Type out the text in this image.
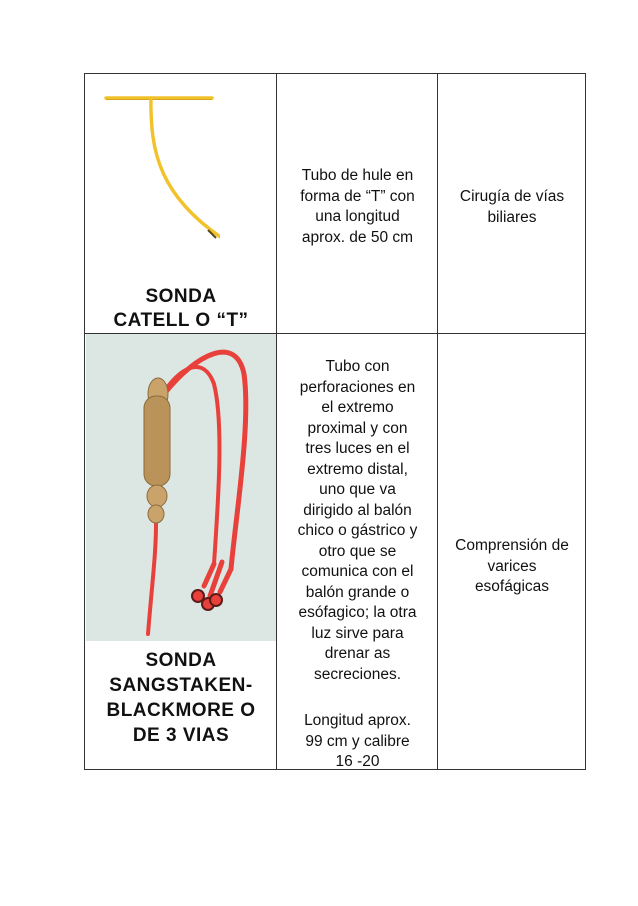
SONDA
CATELL O “T”
Tubo de hule en
forma de “T” con
una longitud
aprox. de 50 cm
Cirugía de vías
biliares
SONDA
SANGSTAKEN-
BLACKMORE O
DE 3 VIAS
Tubo con
perforaciones en
el extremo
proximal y con
tres luces en el
extremo distal,
uno que va
dirigido al balón
chico o gástrico y
otro que se
comunica con el
balón grande o
esófagico; la otra
luz sirve para
drenar as
secreciones.
Longitud aprox.
99 cm y calibre
16 -20
Comprensión de
varices
esofágicas
